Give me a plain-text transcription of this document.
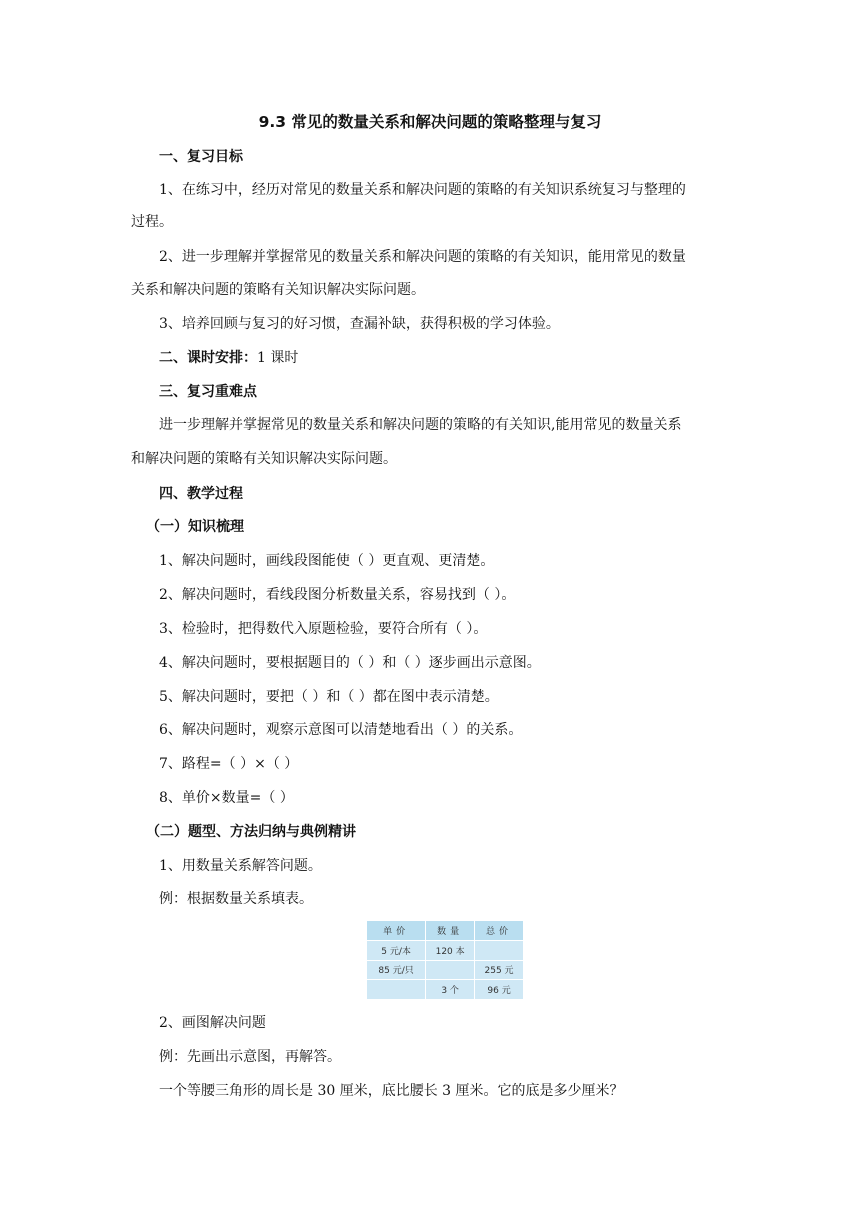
9.3 常见的数量关系和解决问题的策略整理与复习
一、复习目标
1、在练习中，经历对常见的数量关系和解决问题的策略的有关知识系统复习与整理的
过程。
2、进一步理解并掌握常见的数量关系和解决问题的策略的有关知识，能用常见的数量
关系和解决问题的策略有关知识解决实际问题。
3、培养回顾与复习的好习惯，查漏补缺，获得积极的学习体验。
二、课时安排：1 课时
三、复习重难点
进一步理解并掌握常见的数量关系和解决问题的策略的有关知识,能用常见的数量关系
和解决问题的策略有关知识解决实际问题。
四、教学过程
（一）知识梳理
1、解决问题时，画线段图能使（ ）更直观、更清楚。
2、解决问题时，看线段图分析数量关系，容易找到（ ）。
3、检验时，把得数代入原题检验，要符合所有（ ）。
4、解决问题时，要根据题目的（ ）和（ ）逐步画出示意图。
5、解决问题时，要把（ ）和（ ）都在图中表示清楚。
6、解决问题时，观察示意图可以清楚地看出（ ）的关系。
7、路程=（ ）×（ ）
8、单价×数量=（ ）
（二）题型、方法归纳与典例精讲
1、用数量关系解答问题。
例：根据数量关系填表。
单价	数量	总价
5 元/本	120 本	
85 元/只		255 元
	3 个	96 元
2、画图解决问题
例：先画出示意图，再解答。
一个等腰三角形的周长是 30 厘米，底比腰长 3 厘米。它的底是多少厘米？
